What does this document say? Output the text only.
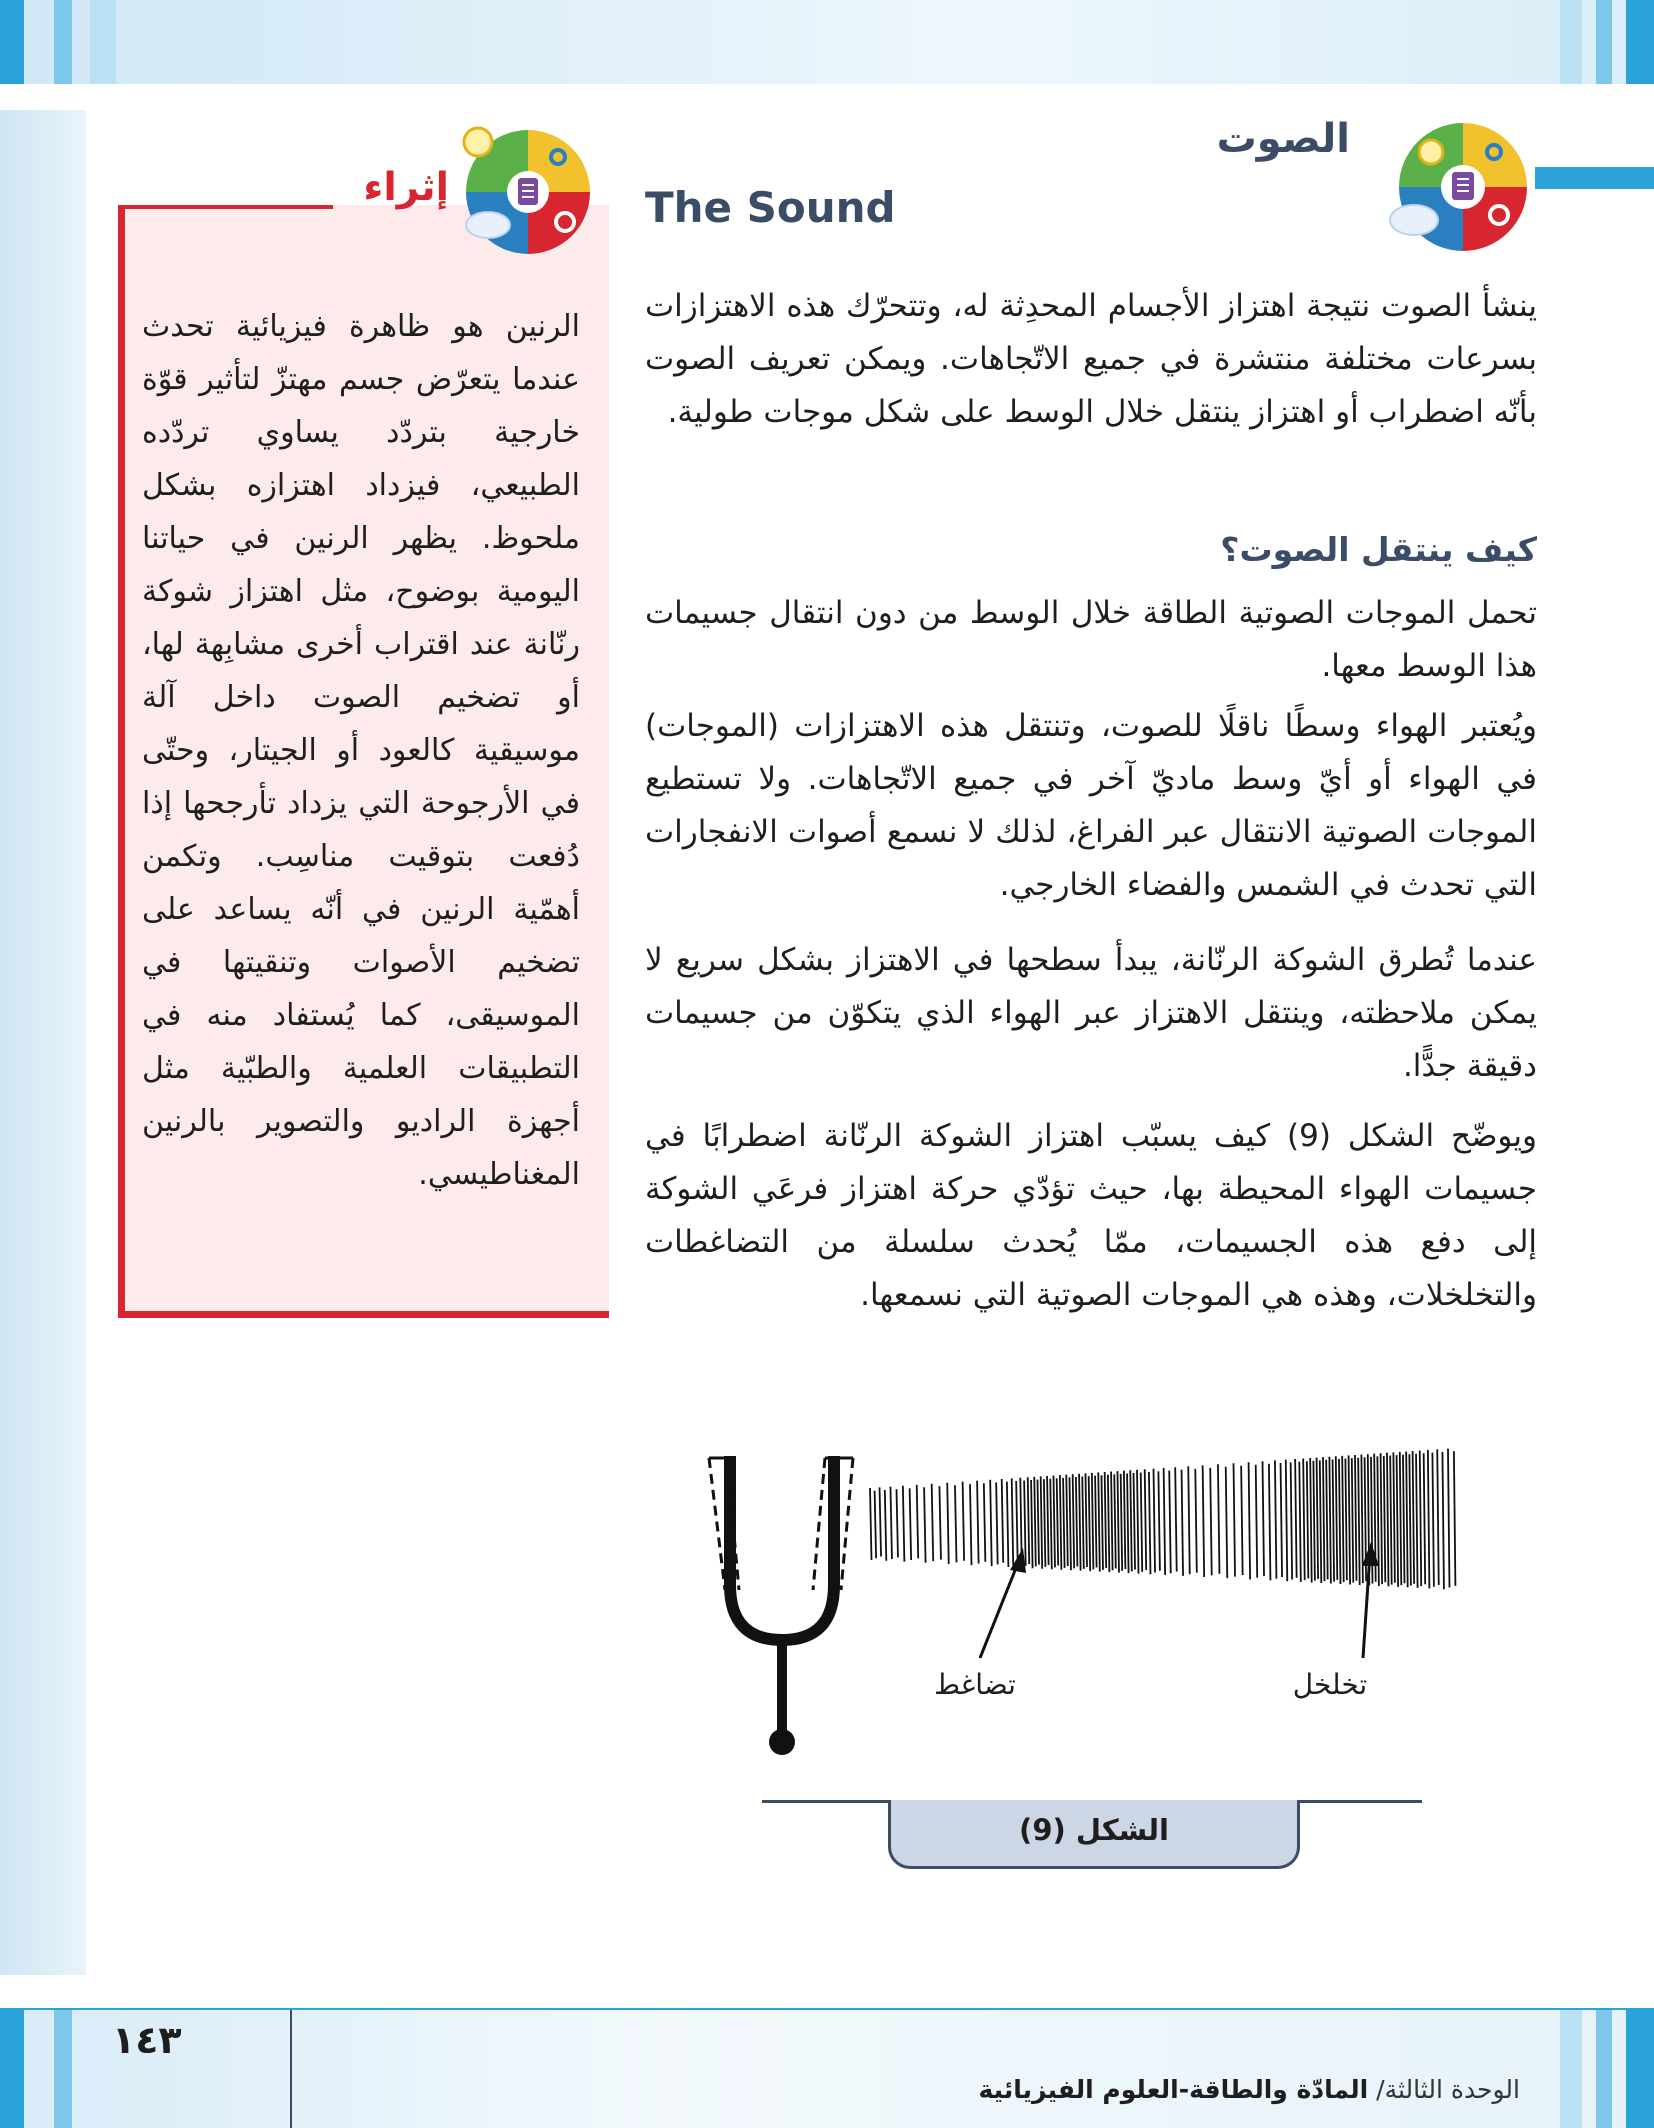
الصوت
The Sound
إثراء
الرنين هو ظاهرة فيزيائية تحدث عندما يتعرّض جسم مهتزّ لتأثير قوّة خارجية بتردّد يساوي تردّده الطبيعي، فيزداد اهتزازه بشكل ملحوظ. يظهر الرنين في حياتنا اليومية بوضوح، مثل اهتزاز شوكة رنّانة عند اقتراب أخرى مشابِهة لها، أو تضخيم الصوت داخل آلة موسيقية كالعود أو الجيتار، وحتّى في الأرجوحة التي يزداد تأرجحها إذا دُفعت بتوقيت مناسِب. وتكمن أهمّية الرنين في أنّه يساعد على تضخيم الأصوات وتنقيتها في الموسيقى، كما يُستفاد منه في التطبيقات العلمية والطبّية مثل أجهزة الراديو والتصوير بالرنين المغناطيسي.
ينشأ الصوت نتيجة اهتزاز الأجسام المحدِثة له، وتتحرّك هذه الاهتزازات بسرعات مختلفة منتشرة في جميع الاتّجاهات. ويمكن تعريف الصوت بأنّه اضطراب أو اهتزاز ينتقل خلال الوسط على شكل موجات طولية.
كيف ينتقل الصوت؟
تحمل الموجات الصوتية الطاقة خلال الوسط من دون انتقال جسيمات هذا الوسط معها.
ويُعتبر الهواء وسطًا ناقلًا للصوت، وتنتقل هذه الاهتزازات (الموجات) في الهواء أو أيّ وسط ماديّ آخر في جميع الاتّجاهات. ولا تستطيع الموجات الصوتية الانتقال عبر الفراغ، لذلك لا نسمع أصوات الانفجارات التي تحدث في الشمس والفضاء الخارجي.
عندما تُطرق الشوكة الرنّانة، يبدأ سطحها في الاهتزاز بشكل سريع لا يمكن ملاحظته، وينتقل الاهتزاز عبر الهواء الذي يتكوّن من جسيمات دقيقة جدًّا.
ويوضّح الشكل (9) كيف يسبّب اهتزاز الشوكة الرنّانة اضطرابًا في جسيمات الهواء المحيطة بها، حيث تؤدّي حركة اهتزاز فرعَي الشوكة إلى دفع هذه الجسيمات، ممّا يُحدث سلسلة من التضاغطات والتخلخلات، وهذه هي الموجات الصوتية التي نسمعها.
تضاغط	تخلخل
الشكل (9)
١٤٣
الوحدة الثالثة/ المادّة والطاقة-العلوم الفيزيائية
